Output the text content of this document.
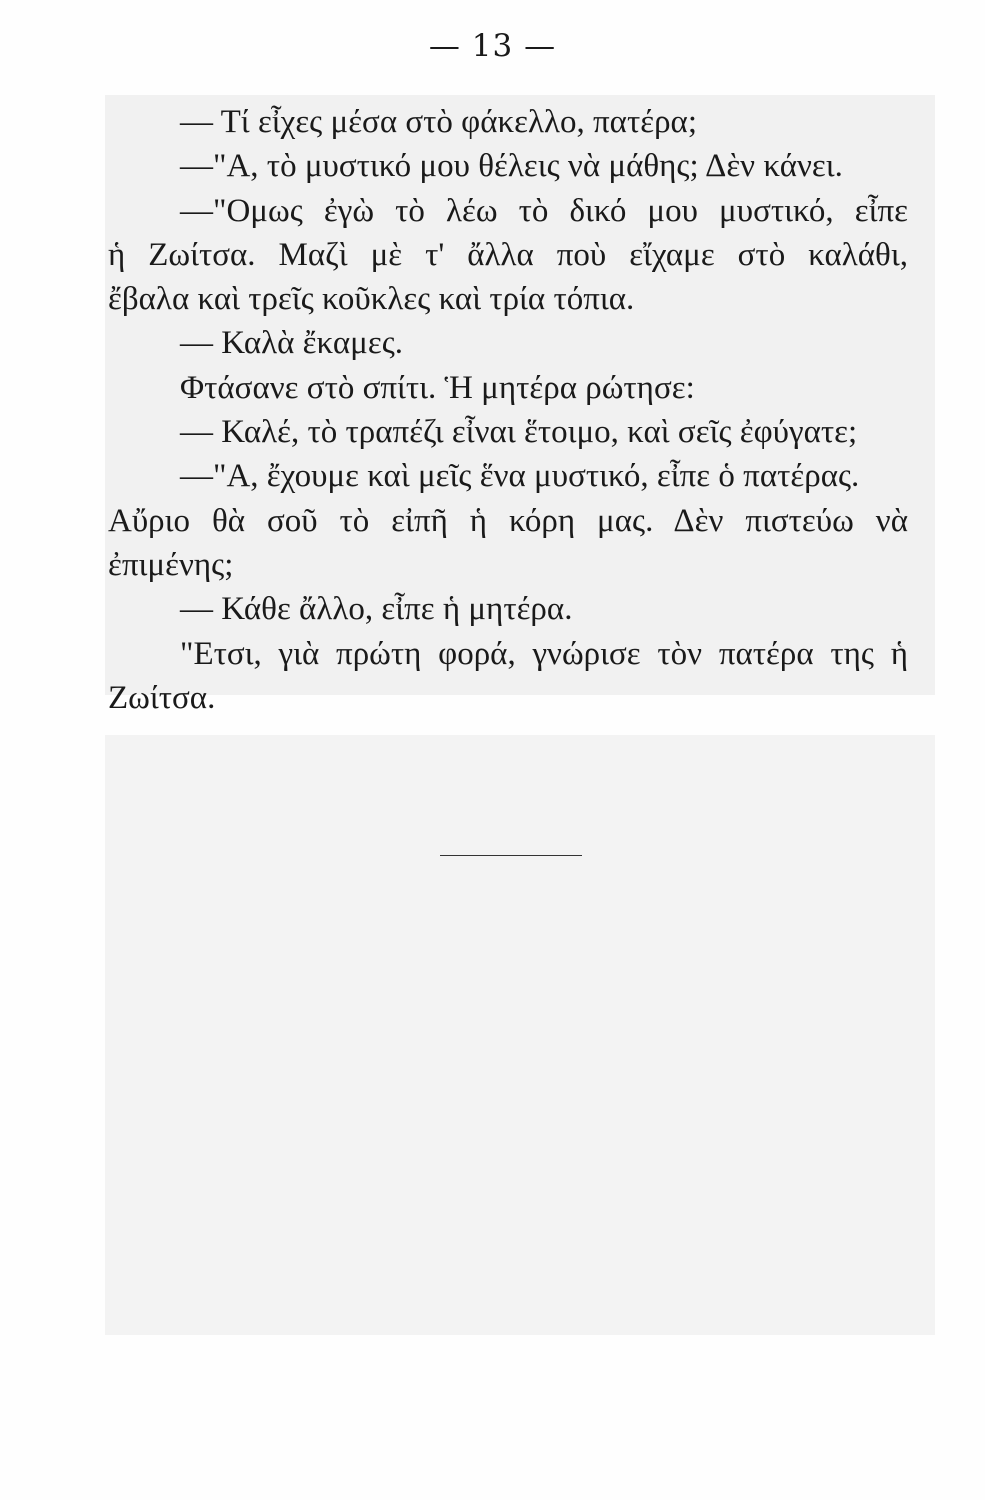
— 13 —
— Τί εἶχες μέσα στὸ φάκελλο, πατέρα;
—"Α, τὸ μυστικό μου θέλεις νὰ μάθης; Δὲν κάνει.
—"Ομως ἐγὼ τὸ λέω τὸ δικό μου μυστικό, εἶπε
ἡ Ζωίτσα. Μαζὶ μὲ τ' ἄλλα ποὺ εἴχαμε στὸ καλάθι,
ἔβαλα καὶ τρεῖς κοῦκλες καὶ τρία τόπια.
— Καλὰ ἔκαμες.
Φτάσανε στὸ σπίτι. Ἡ μητέρα ρώτησε:
— Καλέ, τὸ τραπέζι εἶναι ἕτοιμο, καὶ σεῖς ἐφύγατε;
—"Α, ἔχουμε καὶ μεῖς ἕνα μυστικό, εἶπε ὁ πατέρας.
Αὔριο θὰ σοῦ τὸ εἰπῆ ἡ κόρη μας. Δὲν πιστεύω νὰ
ἐπιμένης;
— Κάθε ἄλλο, εἶπε ἡ μητέρα.
"Ετσι, γιὰ πρώτη φορά, γνώρισε τὸν πατέρα της ἡ
Ζωίτσα.
